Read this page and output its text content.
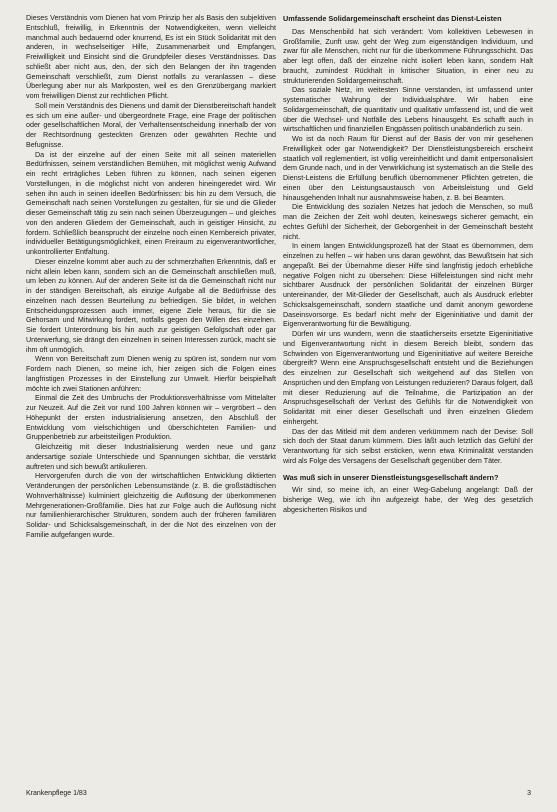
Dieses Verständnis vom Dienen hat vom Prinzip her als Basis den subjektiven Entschluß, freiwillig, in Erkenntnis der Notwendigkeiten, wenn vielleicht manchmal auch bedauernd oder knurrend, Es ist ein Stück Solidarität mit den anderen, in wechselseitiger Hilfe, Zusammenarbeit und Empfangen, Freiwilligkeit und Einsicht sind die Grundpfeiler dieses Verständnisses. Das schließt aber nicht aus, den, der sich den Belangen der ihn tragenden Gemeinschaft verschließt, zum Dienst notfalls zu veranlassen – diese Überlegung aber nur als Markposten, weil es den Grenzübergang markiert vom freiwilligen Dienst zur rechtlichen Pflicht.

Soll mein Verständnis des Dienens und damit der Dienstbereitschaft handelt es sich um eine außer- und übergeordnete Frage, eine Frage der politischen oder gesellschaftlichen Moral, der Verhaltensentscheidung innerhalb der von der Rechtsordnung gesteckten Grenzen oder gewährten Rechte und Befugnisse.

Da ist der einzelne auf der einen Seite mit all seinen materiellen Bedürfnissen, seinem verständlichen Bemühen, mit möglichst wenig Aufwand ein recht erträgliches Leben führen zu können, nach seinen eigenen Vorstellungen, in die möglichst nicht von anderen hineingeredet wird. Wir sehen ihn auch in seinen ideellen Bedürfnissen: bis hin zu dem Versuch, die Gemeinschaft nach seinen Vorstellungen zu gestalten, für sie und die Glieder dieser Gemeinschaft tätig zu sein nach seinen Überzeugungen – und gleiches von den anderen Gliedern der Gemeinschaft, auch in geistiger Hinsicht, zu fordern. Schließlich beansprucht der einzelne noch einen Kernbereich privater, individueller Betätigungsmöglichkeit, einen Freiraum zu eigenverantwortlicher, unkontrollierter Entfaltung.

Dieser einzelne kommt aber auch zu der schmerzhaften Erkenntnis, daß er nicht allein leben kann, sondern sich an die Gemeinschaft anschließen muß, um leben zu können. Auf der anderen Seite ist da die Gemeinschaft nicht nur in der ständigen Bereitschaft, als einzige Aufgabe all die Bedürfnisse des einzelnen nach dessen Beurteilung zu befriedigen. Sie bildet, in welchen Entscheidungsprozessen auch immer, eigene Ziele heraus, für die sie Gehorsam und Mitwirkung fordert, notfalls gegen den Willen des einzelnen. Sie fordert Unterordnung bis hin auch zur geistigen Gefolgschaft oder gar Unterwerfung, sie drängt den einzelnen in seinen Interessen zurück, macht sie ihm oft unmöglich.

Wenn von Bereitschaft zum Dienen wenig zu spüren ist, sondern nur vom Fordern nach Dienen, so meine ich, hier zeigen sich die Folgen eines langfristigen Prozesses in der Einstellung zur Umwelt. Hierfür beispielhaft möchte ich zwei Stationen anführen:

Einmal die Zeit des Umbruchs der Produktionsverhältnisse vom Mittelalter zur Neuzeit. Auf die Zeit vor rund 100 Jahren können wir – vergröbert – den Höhepunkt der ersten industrialisierung ansetzen, den Abschluß der Entwicklung vom vielschichtigen und überschichteten Familien- und Gruppenbetrieb zur arbeitsteiligen Produktion.

Gleichzeitig mit dieser Industrialisierung werden neue und ganz andersartige soziale Unterschiede und Spannungen sichtbar, die verstärkt auftreten und sich bewußt artikulieren.

Hervorgerufen durch die von der wirtschaftlichen Entwicklung diktierten Veränderungen der persönlichen Lebensumstände (z. B. die großstädtischen Wohnverhältnisse) kulminiert gleichzeitig die Auflösung der überkommenen Mehrgenerationen-Großfamilie. Dies hat zur Folge auch die Auflösung nicht nur familienhierarchischer Strukturen, sondern auch der früheren familiären Solidar- und Schicksalsgemeinschaft, in der die Not des einzelnen von der Familie aufgefangen wurde.

Umfassende Solidargemeinschaft erscheint das Dienst-Leisten

Das Menschenbild hat sich verändert: Vom kollektiven Lebewesen in Großfamilie, Zunft usw. geht der Weg zum eigenständigen Individuum, und zwar für alle Menschen, nicht nur für die überkommene Führungsschicht. Das aber legt offen, daß der einzelne nicht isoliert leben kann, sondern Halt braucht, zumindest Rückhalt in kritischer Situation, in einer neu zu strukturierenden Solidargemeinschaft.

Das soziale Netz, im weitesten Sinne verstanden, ist umfassend unter systematischer Wahrung der Individualsphäre. Wir haben eine Solidargemeinschaft, die quantitativ und qualitativ umfassend ist, und die weit über die Wechsel- und Notfälle des Lebens hinausgeht. Es schafft auch in wirtschaftlichen und finanziellen Engpässen politisch unabänderlich zu sein.

Wo ist da noch Raum für Dienst auf der Basis der von mir gesehenen Freiwilligkeit oder gar Notwendigkeit? Der Dienstleistungsbereich erscheint staatlich voll reglementiert, ist völlig vereinheitlicht und damit entpersonalisiert dem Grunde nach, und in der Verwirklichung ist systematisch an die Stelle des Dienst-Leistens die Erfüllung beruflich übernommener Pflichten getreten, die einen über den Leistungsaustausch von Arbeitsleistung und Geld hinausgehenden Inhalt nur ausnahmsweise haben, z. B. bei Beamten.

Die Entwicklung des sozialen Netzes hat jedoch die Menschen, so muß man die Zeichen der Zeit wohl deuten, keineswegs sicherer gemacht, ein echtes Gefühl der Sicherheit, der Geborgenheit in der Gemeinschaft besteht nicht.

In einem langen Entwicklungsprozeß hat der Staat es übernommen, dem einzelnen zu helfen – wir haben uns daran gewöhnt, das Bewußtsein hat sich angepaßt. Bei der Übernahme dieser Hilfe sind langfristig jedoch erhebliche negative Folgen nicht zu übersehen: Diese Hilfeleistungen sind nicht mehr sichtbarer Ausdruck der persönlichen Solidarität der einzelnen Bürger untereinander, der Mit-Glieder der Gesellschaft, auch als Ausdruck erlebter Schicksalsgemeinschaft, sondern staatliche und damit anonym gewordene Daseinsvorsorge. Es bedarf nicht mehr der Eigeninitiative und damit der Eigenverantwortung für die Bewältigung.

Dürfen wir uns wundern, wenn die staatlicherseits ersetzte Eigeninitiative und Eigenverantwortung nicht in diesem Bereich bleibt, sondern das Schwinden von Eigenverantwortung und Eigeninitiative auf weitere Bereiche übergreift? Wenn eine Anspruchsgesellschaft entsteht und die Beziehungen des einzelnen zur Gesellschaft sich weitgehend auf das Stellen von Ansprüchen und den Empfang von Leistungen reduzieren? Daraus folgert, daß mit dieser Reduzierung auf die Teilnahme, die Partizipation an der Anspruchsgesellschaft der Verlust des Gefühls für die Notwendigkeit von Solidarität mit einer dieser Gesellschaft und ihren einzelnen Gliedern einhergeht.

Das der das Mitleid mit dem anderen verkümmern nach der Devise: Soll sich doch der Staat darum kümmern. Dies läßt auch letztlich das Gefühl der Verantwortung für sich selbst ersticken, wenn etwa Kriminalität verstanden wird als Folge des Versagens der Gesellschaft gegenüber dem Täter.

Was muß sich in unserer Dienstleistungsgesellschaft ändern?

Wir sind, so meine ich, an einer Weg-Gabelung angelangt: Daß der bisherige Weg, wie ich ihn aufgezeigt habe, der Weg des gesetzlich abgesicherten Risikos und

Krankenpflege 1/83	3
